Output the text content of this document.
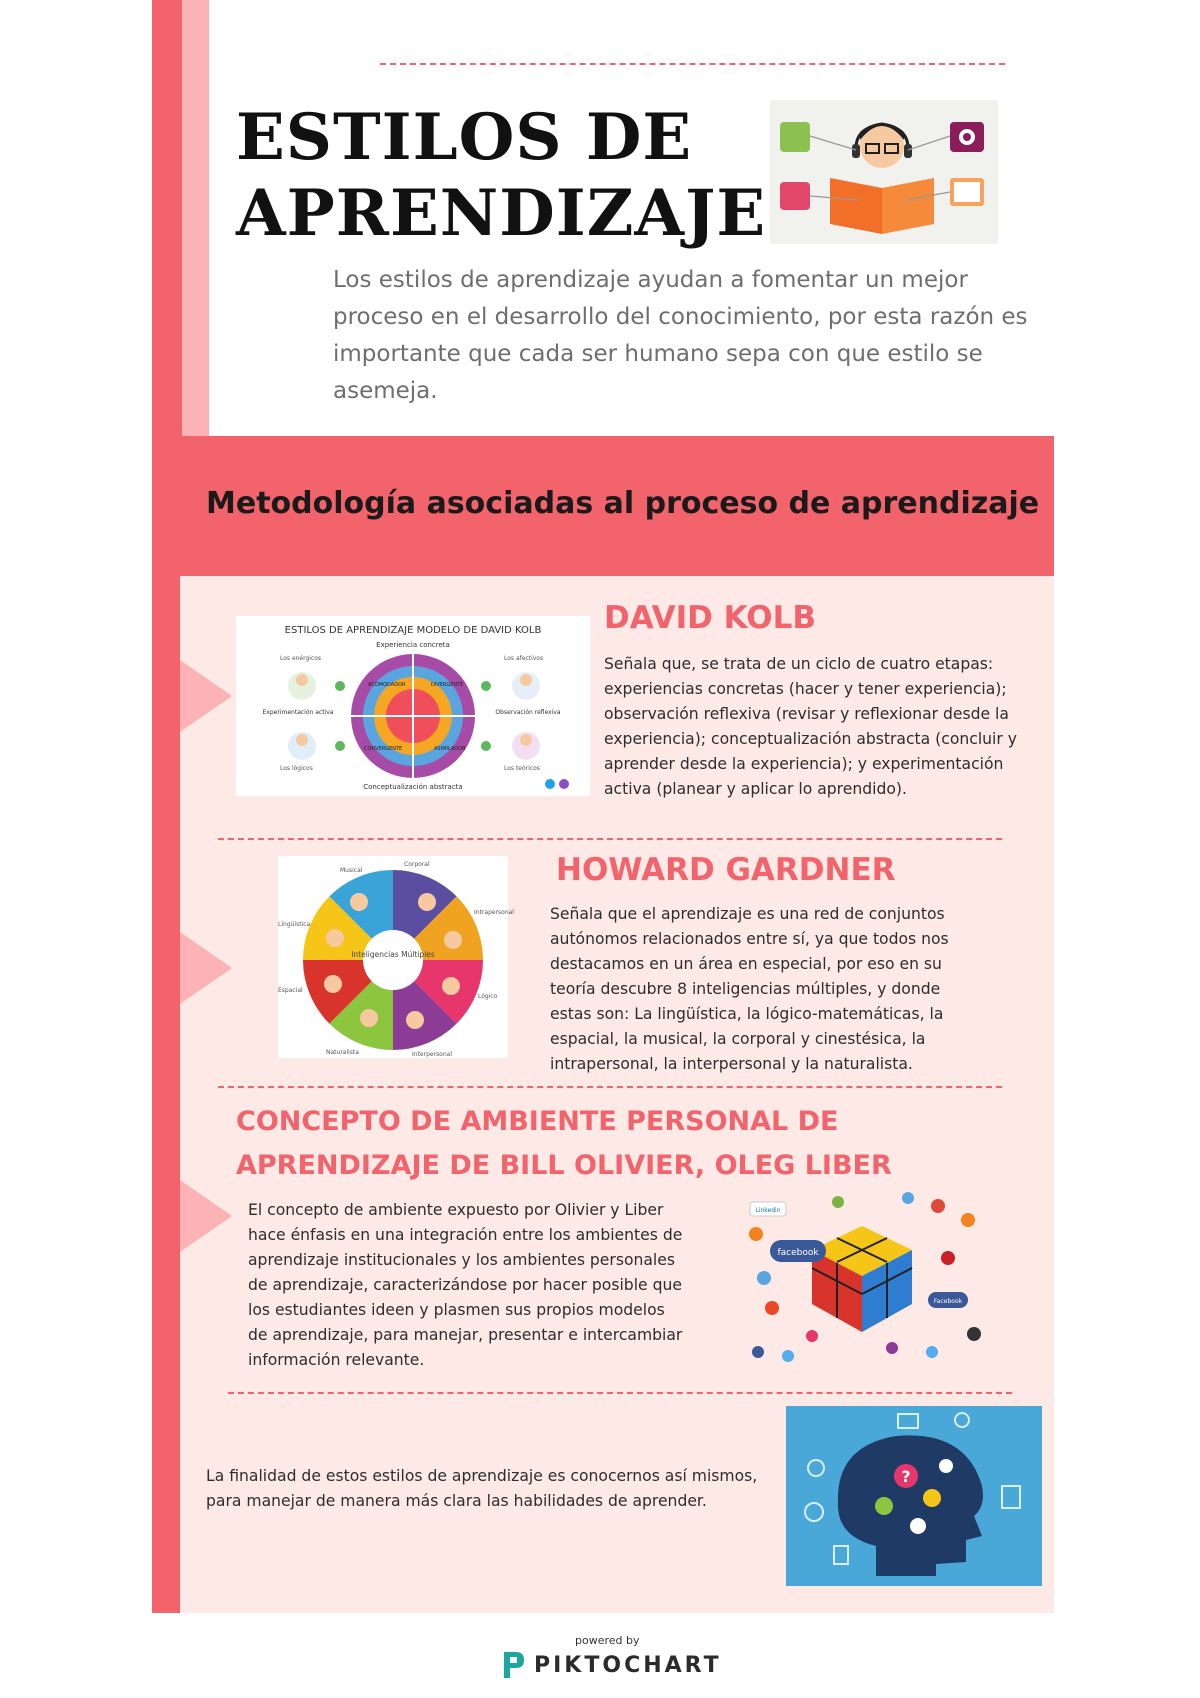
ESTILOS DE
APRENDIZAJE
Los estilos de aprendizaje ayudan a fomentar un mejor proceso en el desarrollo del conocimiento, por esta razón es importante que cada ser humano sepa con que estilo se asemeja.
Metodología asociadas al proceso de aprendizaje
ESTILOS DE APRENDIZAJE MODELO DE DAVID KOLB
Experiencia concreta
Conceptualización abstracta
Experimentación activa	Observación reflexiva
ACOMODADOR	DIVERGENTE
CONVERGENTE	ASIMILADOR
Los enérgicos	Los afectivos
Los lógicos	Los teóricos
DAVID KOLB
Señala que, se trata de un ciclo de cuatro etapas: experiencias concretas (hacer y tener experiencia); observación reflexiva (revisar y reflexionar desde la experiencia); conceptualización abstracta (concluir y aprender desde la experiencia); y experimentación activa (planear y aplicar lo aprendido).
Inteligencias Múltiples
Musical
Corporal
Intrapersonal
Lógico
Interpersonal
Naturalista
Espacial
Lingüística
HOWARD GARDNER
Señala que el aprendizaje es una red de conjuntos autónomos relacionados entre sí, ya que todos nos destacamos en un área en especial, por eso en su teoría descubre 8 inteligencias múltiples, y donde estas son: La lingüística, la lógico-matemáticas, la espacial, la musical, la corporal y cinestésica, la intrapersonal, la interpersonal y la naturalista.
CONCEPTO DE AMBIENTE PERSONAL DE
APRENDIZAJE DE BILL OLIVIER, OLEG LIBER
El concepto de ambiente expuesto por Olivier y Liber hace énfasis en una integración entre los ambientes de aprendizaje institucionales y los ambientes personales de aprendizaje, caracterizándose por hacer posible que los estudiantes ideen y plasmen sus propios modelos de aprendizaje, para manejar, presentar e intercambiar información relevante.
facebook
Linkedin
Facebook
La finalidad de estos estilos de aprendizaje es conocernos así mismos, para manejar de manera más clara las habilidades de aprender.
?
powered by
PIKTOCHART
